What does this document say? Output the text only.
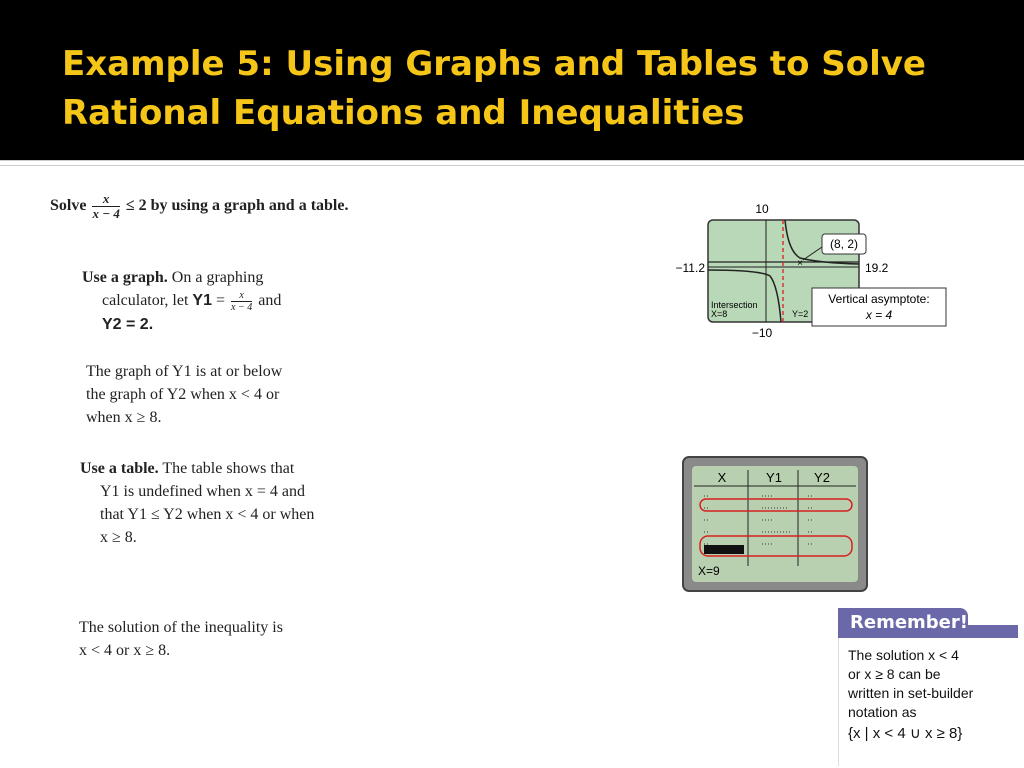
Example 5: Using Graphs and Tables to Solve Rational Equations and Inequalities
Solve $\frac{x}{x - 4} \le 2$ by using a graph and a table.
Use a graph. On a graphing
calculator, let $Y1 = \frac{x}{x - 4}$ and
Y2 = 2.
The graph of Y1 is at or below
the graph of Y2 when x < 4 or
when x ≥ 8.
Use a table. The table shows that
Y1 is undefined when x = 4 and
that Y1 ≤ Y2 when x < 4 or when
x ≥ 8.
The solution of the inequality is
x < 4 or x ≥ 8.
10
−10
−11.2	19.2
×
(8, 2)
Intersection
X=8	Y=2
Vertical asymptote:
x = 4
X	Y1 Y2
X=9
Remember!
The solution x < 4
or x ≥ 8 can be
written in set-builder
notation as
{x | x < 4 ∪ x ≥ 8}
